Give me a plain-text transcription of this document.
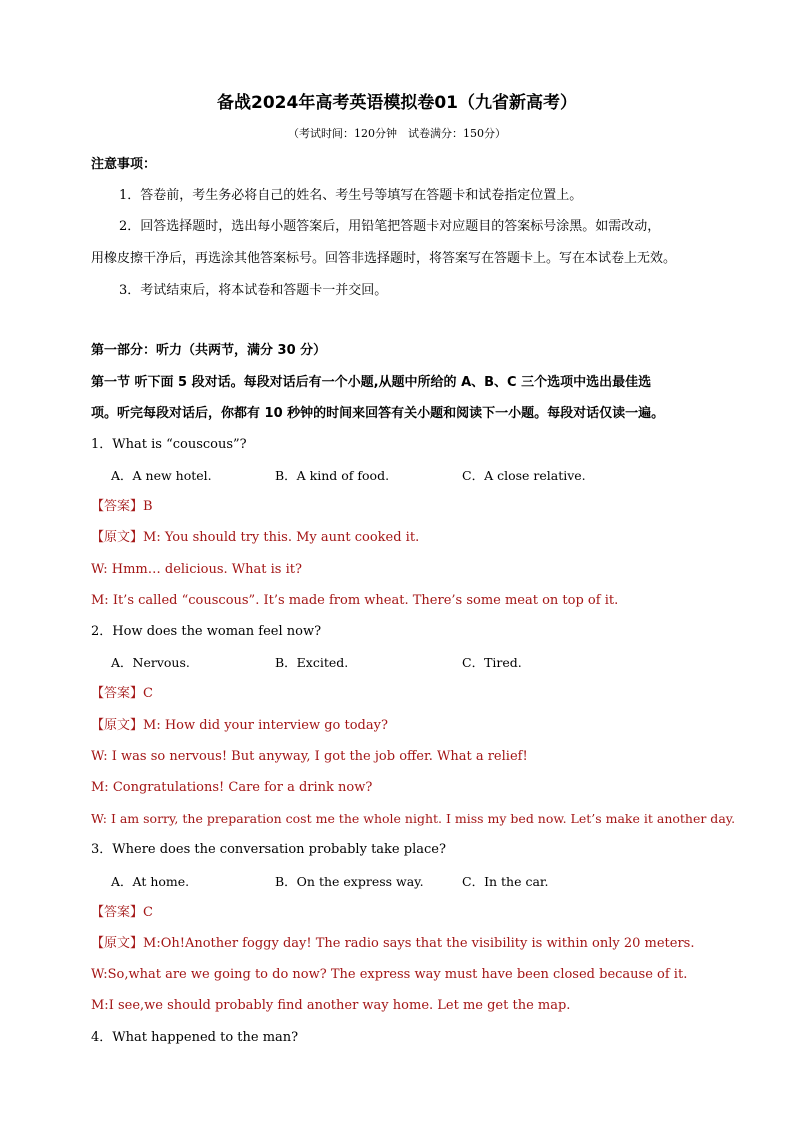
备战2024年高考英语模拟卷01（九省新高考）
（考试时间：120分钟　试卷满分：150分）
注意事项：
1．答卷前，考生务必将自己的姓名、考生号等填写在答题卡和试卷指定位置上。
2．回答选择题时，选出每小题答案后，用铅笔把答题卡对应题目的答案标号涂黑。如需改动，
用橡皮擦干净后，再选涂其他答案标号。回答非选择题时，将答案写在答题卡上。写在本试卷上无效。
3．考试结束后，将本试卷和答题卡一并交回。
第一部分：听力（共两节，满分 30 分）
第一节 听下面 5 段对话。每段对话后有一个小题,从题中所给的 A、B、C 三个选项中选出最佳选
项。听完每段对话后，你都有 10 秒钟的时间来回答有关小题和阅读下一小题。每段对话仅读一遍。
1．What is “couscous”?
A．A new hotel.	B．A kind of food.	C．A close relative.
【答案】B
【原文】M: You should try this. My aunt cooked it.
W: Hmm… delicious. What is it?
M: It’s called “couscous”. It’s made from wheat. There’s some meat on top of it.
2．How does the woman feel now?
A．Nervous.	B．Excited.	C．Tired.
【答案】C
【原文】M: How did your interview go today?
W: I was so nervous! But anyway, I got the job offer. What a relief!
M: Congratulations! Care for a drink now?
W: I am sorry, the preparation cost me the whole night. I miss my bed now. Let’s make it another day.
3．Where does the conversation probably take place?
A．At home.	B．On the express way.	C．In the car.
【答案】C
【原文】M:Oh!Another foggy day! The radio says that the visibility is within only 20 meters.
W:So,what are we going to do now? The express way must have been closed because of it.
M:I see,we should probably find another way home. Let me get the map.
4．What happened to the man?
